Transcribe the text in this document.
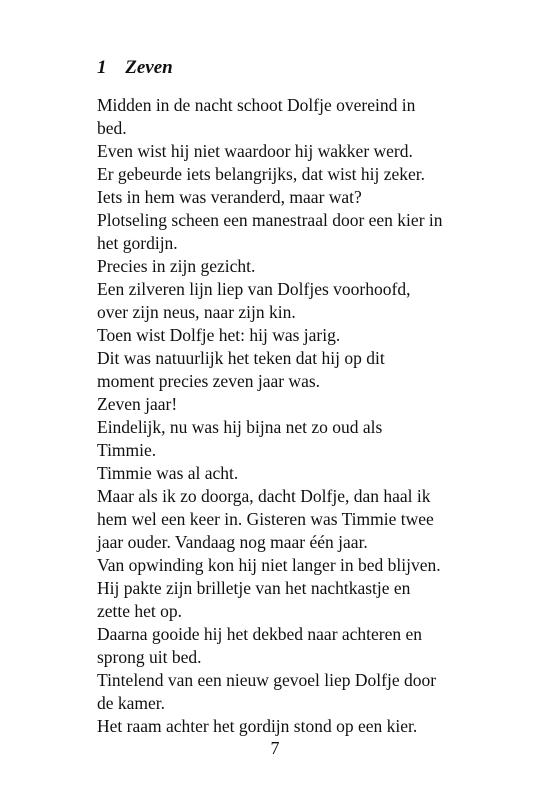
1 Zeven
Midden in de nacht schoot Dolfje overeind in
bed.
Even wist hij niet waardoor hij wakker werd.
Er gebeurde iets belangrijks, dat wist hij zeker.
Iets in hem was veranderd, maar wat?
Plotseling scheen een manestraal door een kier in
het gordijn.
Precies in zijn gezicht.
Een zilveren lijn liep van Dolfjes voorhoofd,
over zijn neus, naar zijn kin.
Toen wist Dolfje het: hij was jarig.
Dit was natuurlijk het teken dat hij op dit
moment precies zeven jaar was.
Zeven jaar!
Eindelijk, nu was hij bijna net zo oud als
Timmie.
Timmie was al acht.
Maar als ik zo doorga, dacht Dolfje, dan haal ik
hem wel een keer in. Gisteren was Timmie twee
jaar ouder. Vandaag nog maar één jaar.
Van opwinding kon hij niet langer in bed blijven.
Hij pakte zijn brilletje van het nachtkastje en
zette het op.
Daarna gooide hij het dekbed naar achteren en
sprong uit bed.
Tintelend van een nieuw gevoel liep Dolfje door
de kamer.
Het raam achter het gordijn stond op een kier.
7
